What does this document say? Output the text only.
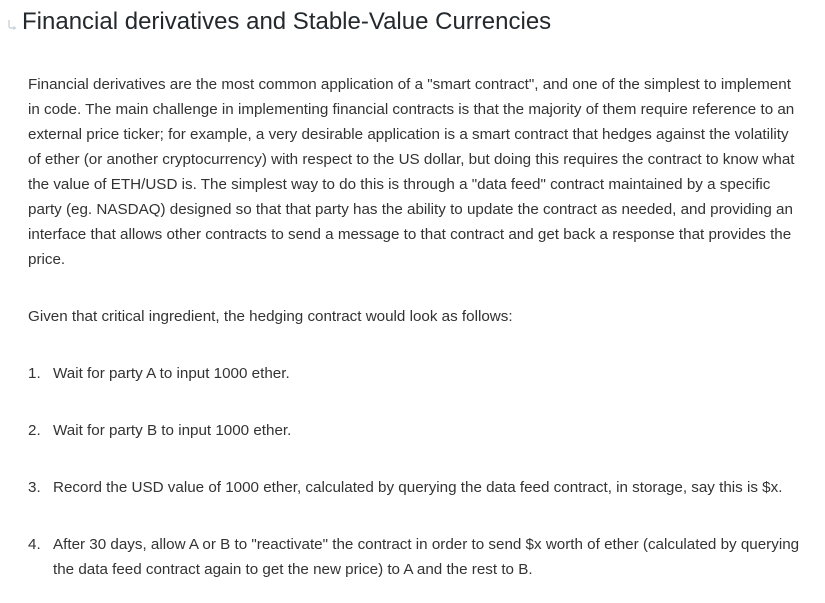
Financial derivatives and Stable-Value Currencies

Financial derivatives are the most common application of a "smart contract", and one of the simplest to implement in code. The main challenge in implementing financial contracts is that the majority of them require reference to an external price ticker; for example, a very desirable application is a smart contract that hedges against the volatility of ether (or another cryptocurrency) with respect to the US dollar, but doing this requires the contract to know what the value of ETH/USD is. The simplest way to do this is through a "data feed" contract maintained by a specific party (eg. NASDAQ) designed so that that party has the ability to update the contract as needed, and providing an interface that allows other contracts to send a message to that contract and get back a response that provides the price.

Given that critical ingredient, the hedging contract would look as follows:

1. Wait for party A to input 1000 ether.
2. Wait for party B to input 1000 ether.
3. Record the USD value of 1000 ether, calculated by querying the data feed contract, in storage, say this is $x.
4. After 30 days, allow A or B to "reactivate" the contract in order to send $x worth of ether (calculated by querying the data feed contract again to get the new price) to A and the rest to B.
